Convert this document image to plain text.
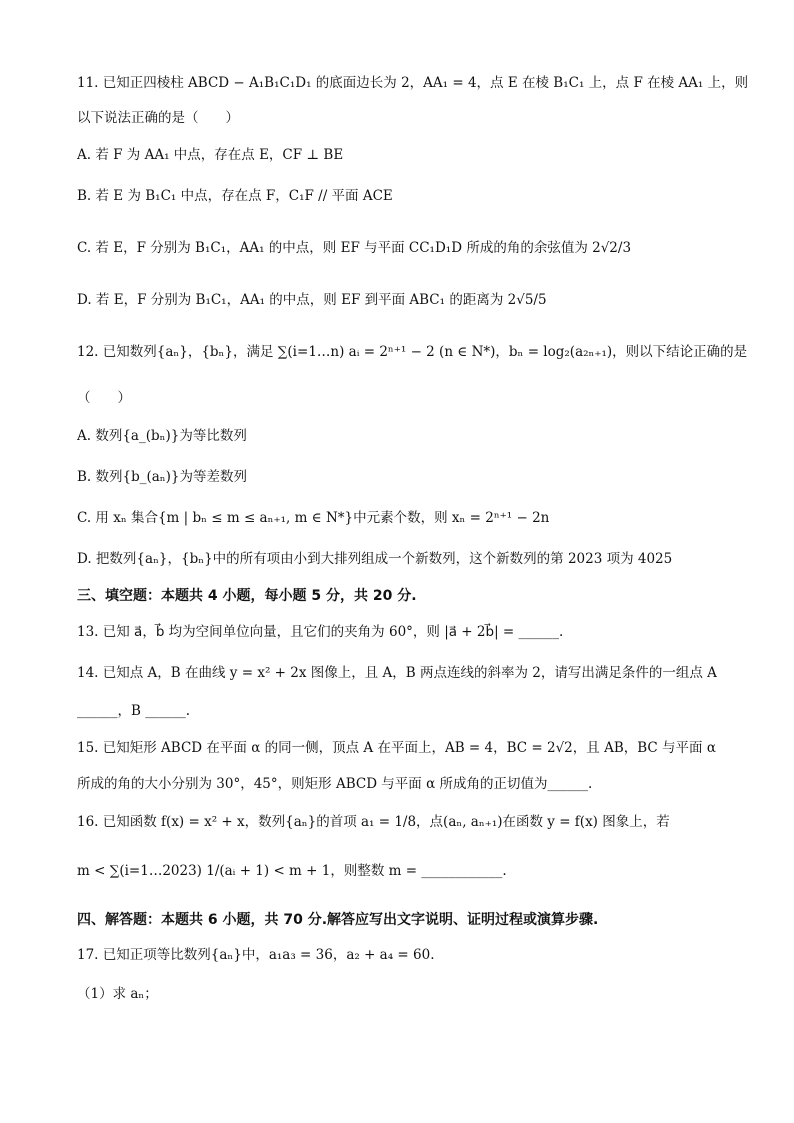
11. 已知正四棱柱 ABCD − A₁B₁C₁D₁ 的底面边长为 2，AA₁ = 4，点 E 在棱 B₁C₁ 上，点 F 在棱 AA₁ 上，则
以下说法正确的是（　　）
A. 若 F 为 AA₁ 中点，存在点 E，CF ⊥ BE
B. 若 E 为 B₁C₁ 中点，存在点 F，C₁F // 平面 ACE
C. 若 E，F 分别为 B₁C₁，AA₁ 的中点，则 EF 与平面 CC₁D₁D 所成的角的余弦值为 2√2/3
D. 若 E，F 分别为 B₁C₁，AA₁ 的中点，则 EF 到平面 ABC₁ 的距离为 2√5/5
12. 已知数列{aₙ}，{bₙ}，满足 ∑(i=1…n) aᵢ = 2ⁿ⁺¹ − 2 (n ∈ N*)，bₙ = log₂(a₂ₙ₊₁)，则以下结论正确的是
（　　）
A. 数列{a_(bₙ)}为等比数列
B. 数列{b_(aₙ)}为等差数列
C. 用 xₙ 集合{m | bₙ ≤ m ≤ aₙ₊₁, m ∈ N*}中元素个数，则 xₙ = 2ⁿ⁺¹ − 2n
D. 把数列{aₙ}，{bₙ}中的所有项由小到大排列组成一个新数列，这个新数列的第 2023 项为 4025
三、填空题：本题共 4 小题，每小题 5 分，共 20 分.
13. 已知 a⃗，b⃗ 均为空间单位向量，且它们的夹角为 60°，则 |a⃗ + 2b⃗| = ______.
14. 已知点 A，B 在曲线 y = x² + 2x 图像上，且 A，B 两点连线的斜率为 2，请写出满足条件的一组点 A
______，B ______.
15. 已知矩形 ABCD 在平面 α 的同一侧，顶点 A 在平面上，AB = 4，BC = 2√2，且 AB，BC 与平面 α
所成的角的大小分别为 30°，45°，则矩形 ABCD 与平面 α 所成角的正切值为______.
16. 已知函数 f(x) = x² + x，数列{aₙ}的首项 a₁ = 1/8，点(aₙ, aₙ₊₁)在函数 y = f(x) 图象上，若
m < ∑(i=1…2023) 1/(aᵢ + 1) < m + 1，则整数 m = ____________.
四、解答题：本题共 6 小题，共 70 分.解答应写出文字说明、证明过程或演算步骤.
17. 已知正项等比数列{aₙ}中，a₁a₃ = 36，a₂ + a₄ = 60.
（1）求 aₙ；
